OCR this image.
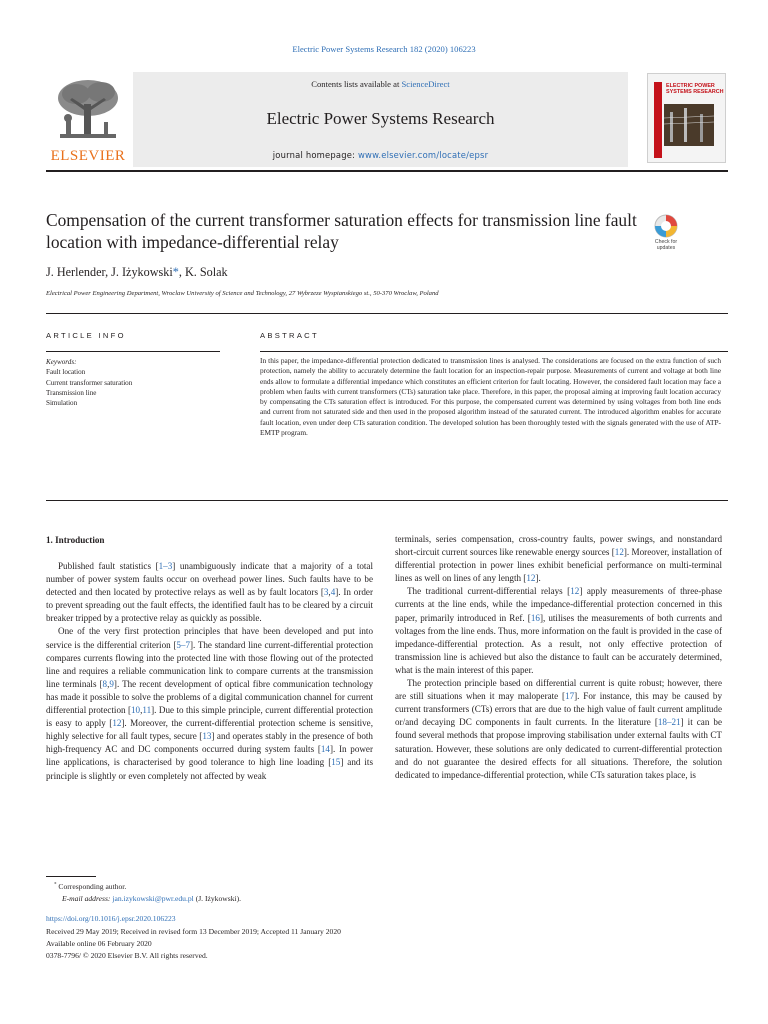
Electric Power Systems Research 182 (2020) 106223
ELSEVIER
Contents lists available at ScienceDirect
Electric Power Systems Research
journal homepage: www.elsevier.com/locate/epsr
ELECTRIC POWER SYSTEMS RESEARCH
Compensation of the current transformer saturation effects for transmission line fault location with impedance-differential relay	Check for
updates
J. Herlender, J. Iżykowski*, K. Solak
Electrical Power Engineering Department, Wroclaw University of Science and Technology, 27 Wybrzeze Wyspianskiego st., 50-370 Wroclaw, Poland
ARTICLE INFO
Keywords:
Fault location
Current transformer saturation
Transmission line
Simulation
ABSTRACT
In this paper, the impedance-differential protection dedicated to transmission lines is analysed. The considerations are focused on the extra function of such protection, namely the ability to accurately determine the fault location for an inspection-repair purpose. Measurements of current and voltage at both line ends allow to formulate a differential impedance which constitutes an efficient criterion for fault locating. However, the considered fault location may face a problem when faults with current transformers (CTs) saturation take place. Therefore, in this paper, the proposal aiming at improving fault location accuracy by compensating the CTs saturation effect is introduced. For this purpose, the compensated current was determined by using voltages from both line ends and current from not saturated side and then used in the proposed algorithm instead of the saturated current. The introduced algorithm enables for accurate fault location, even under deep CTs saturation condition. The developed solution has been thoroughly tested with the signals generated with the use of ATP-EMTP program.
1. Introduction

Published fault statistics [1–3] unambiguously indicate that a majority of a total number of power system faults occur on overhead power lines. Such faults have to be detected and then located by protective relays as well as by fault locators [3,4]. In order to prevent spreading out the fault effects, the identified fault has to be cleared by a circuit breaker tripped by a protective relay as quickly as possible.

One of the very first protection principles that have been developed and put into service is the differential criterion [5–7]. The standard line current-differential protection compares currents flowing into the protected line with those flowing out of the protected line and requires a reliable communication link to compare currents at the transmission line terminals [8,9]. The recent development of optical fibre communication technology has made it possible to solve the problems of a digital communication channel for current differential protection [10,11]. Due to this simple principle, current differential protection is easy to apply [12]. Moreover, the current-differential protection scheme is sensitive, highly selective for all fault types, secure [13] and operates stably in the presence of both high-frequency AC and DC components occurred during system faults [14]. In power line applications, is characterised by good tolerance to high line loading [15] and its principle is slightly or even completely not affected by weak

terminals, series compensation, cross-country faults, power swings, and nonstandard short-circuit current sources like renewable energy sources [12]. Moreover, installation of differential protection in power lines exhibit beneficial performance on multi-terminal lines as well on lines of any length [12].

The traditional current-differential relays [12] apply measurements of three-phase currents at the line ends, while the impedance-differential protection concerned in this paper, primarily introduced in Ref. [16], utilises the measurements of both currents and voltages from the line ends. Thus, more information on the fault is provided in the case of impedance-differential protection. As a result, not only effective protection of transmission line is achieved but also the distance to fault can be accurately determined, what is the main interest of this paper.

The protection principle based on differential current is quite robust; however, there are still situations when it may maloperate [17]. For instance, this may be caused by current transformers (CTs) errors that are due to the high value of fault current amplitude or/and decaying DC components in fault currents. In the literature [18–21] it can be found several methods that propose improving stabilisation under external faults with CT saturation. However, these solutions are only dedicated to current-differential protection and do not guarantee the desired effects for all situations. Therefore, the solution dedicated to impedance-differential protection, while CTs saturation takes place, is

* Corresponding author.
E-mail address: jan.izykowski@pwr.edu.pl (J. Iżykowski).
https://doi.org/10.1016/j.epsr.2020.106223
Received 29 May 2019; Received in revised form 13 December 2019; Accepted 11 January 2020
Available online 06 February 2020
0378-7796/ © 2020 Elsevier B.V. All rights reserved.
